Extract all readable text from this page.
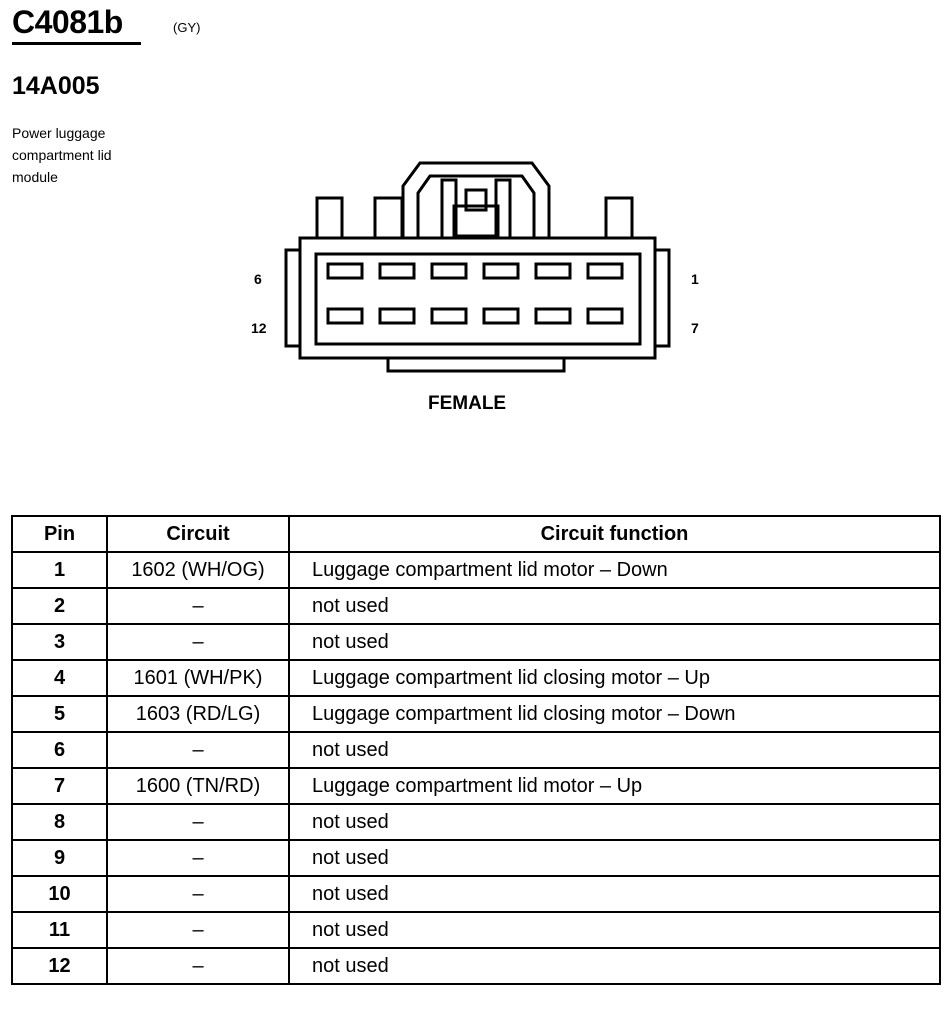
C4081b	(GY)
14A005
Power luggage
compartment lid
module
6
12
1
7
FEMALE
Pin	Circuit	Circuit function
1	1602 (WH/OG)	Luggage compartment lid motor – Down
2	–	not used
3	–	not used
4	1601 (WH/PK)	Luggage compartment lid closing motor – Up
5	1603 (RD/LG)	Luggage compartment lid closing motor – Down
6	–	not used
7	1600 (TN/RD)	Luggage compartment lid motor – Up
8	–	not used
9	–	not used
10	–	not used
11	–	not used
12	–	not used
